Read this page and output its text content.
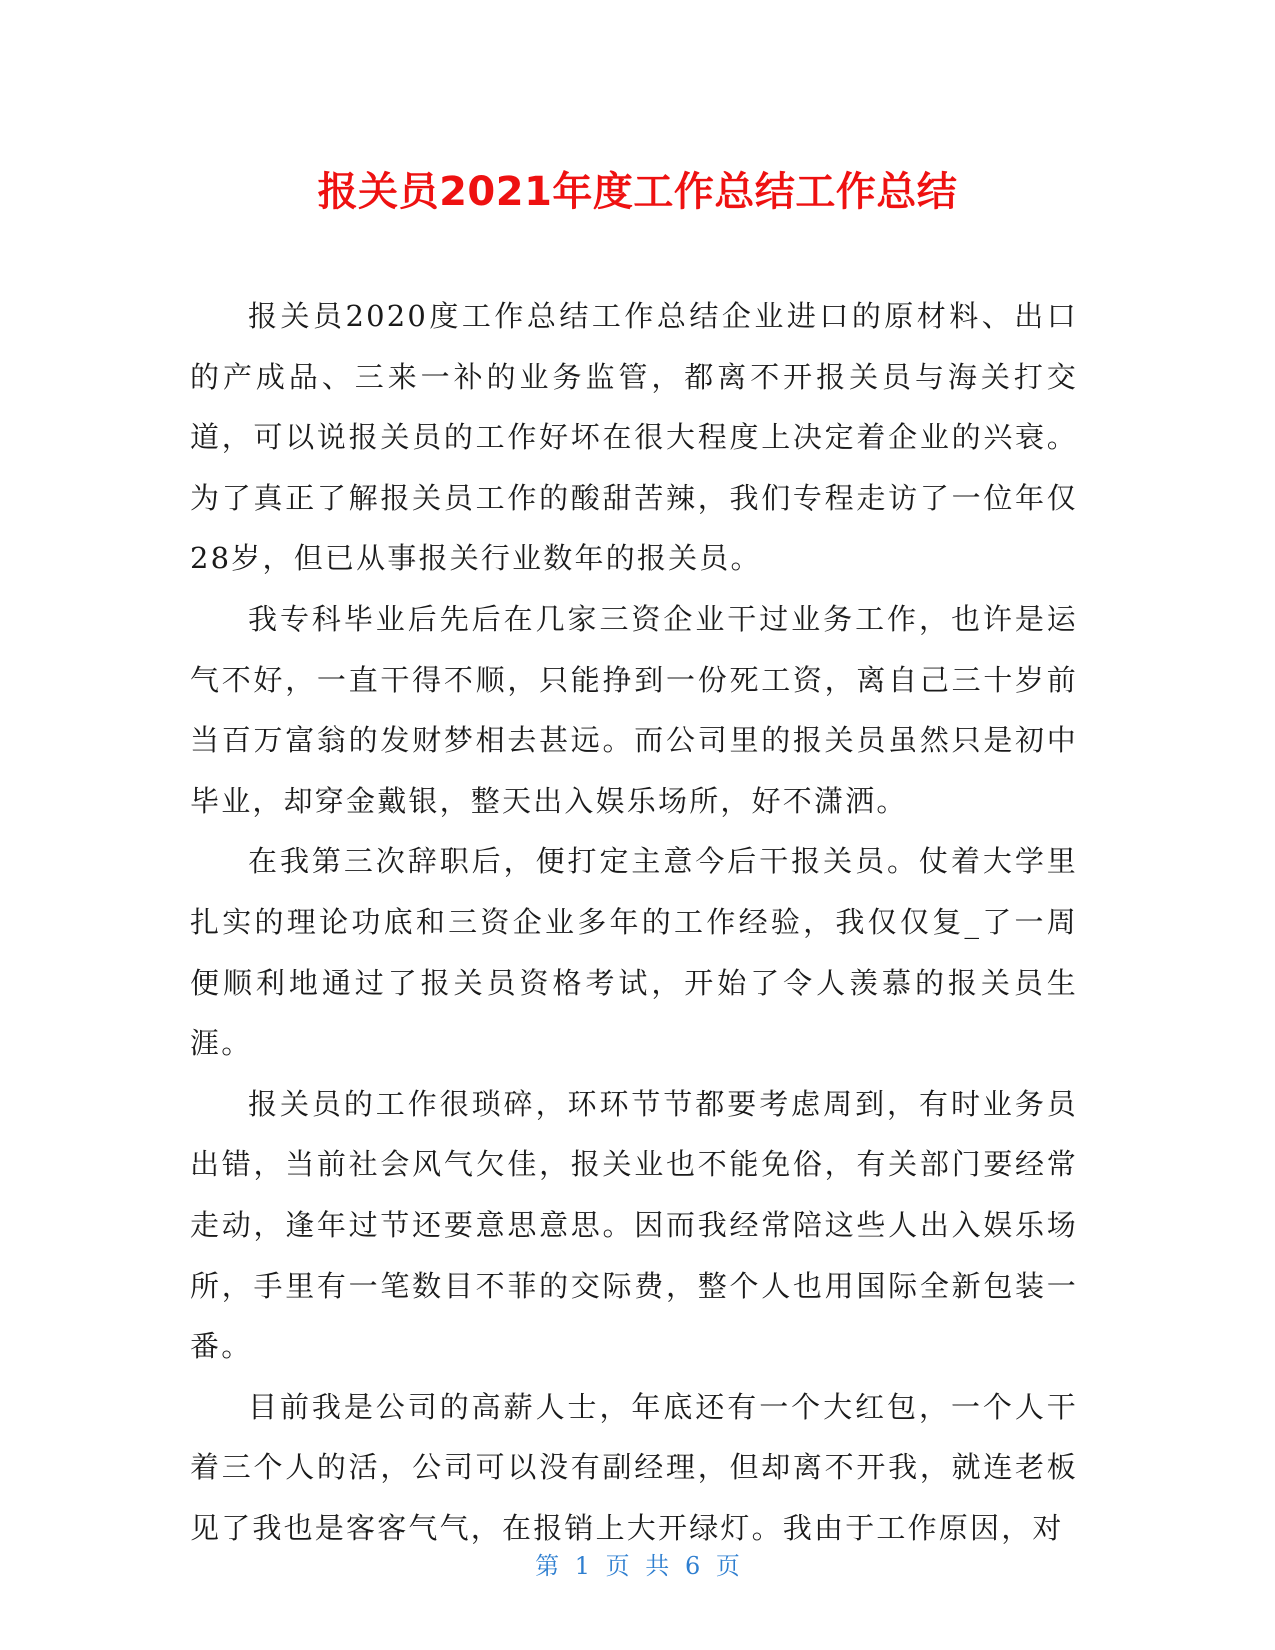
报关员2021年度工作总结工作总结

报关员2020度工作总结工作总结企业进口的原材料、出口的产成品、三来一补的业务监管，都离不开报关员与海关打交道，可以说报关员的工作好坏在很大程度上决定着企业的兴衰。为了真正了解报关员工作的酸甜苦辣，我们专程走访了一位年仅28岁，但已从事报关行业数年的报关员。

我专科毕业后先后在几家三资企业干过业务工作，也许是运气不好，一直干得不顺，只能挣到一份死工资，离自己三十岁前当百万富翁的发财梦相去甚远。而公司里的报关员虽然只是初中毕业，却穿金戴银，整天出入娱乐场所，好不潇洒。

在我第三次辞职后，便打定主意今后干报关员。仗着大学里扎实的理论功底和三资企业多年的工作经验，我仅仅复_了一周便顺利地通过了报关员资格考试，开始了令人羡慕的报关员生涯。

报关员的工作很琐碎，环环节节都要考虑周到，有时业务员出错，当前社会风气欠佳，报关业也不能免俗，有关部门要经常走动，逢年过节还要意思意思。因而我经常陪这些人出入娱乐场所，手里有一笔数目不菲的交际费，整个人也用国际全新包装一番。

目前我是公司的高薪人士，年底还有一个大红包，一个人干着三个人的活，公司可以没有副经理，但却离不开我，就连老板见了我也是客客气气，在报销上大开绿灯。我由于工作原因，对

第 1 页 共 6 页
